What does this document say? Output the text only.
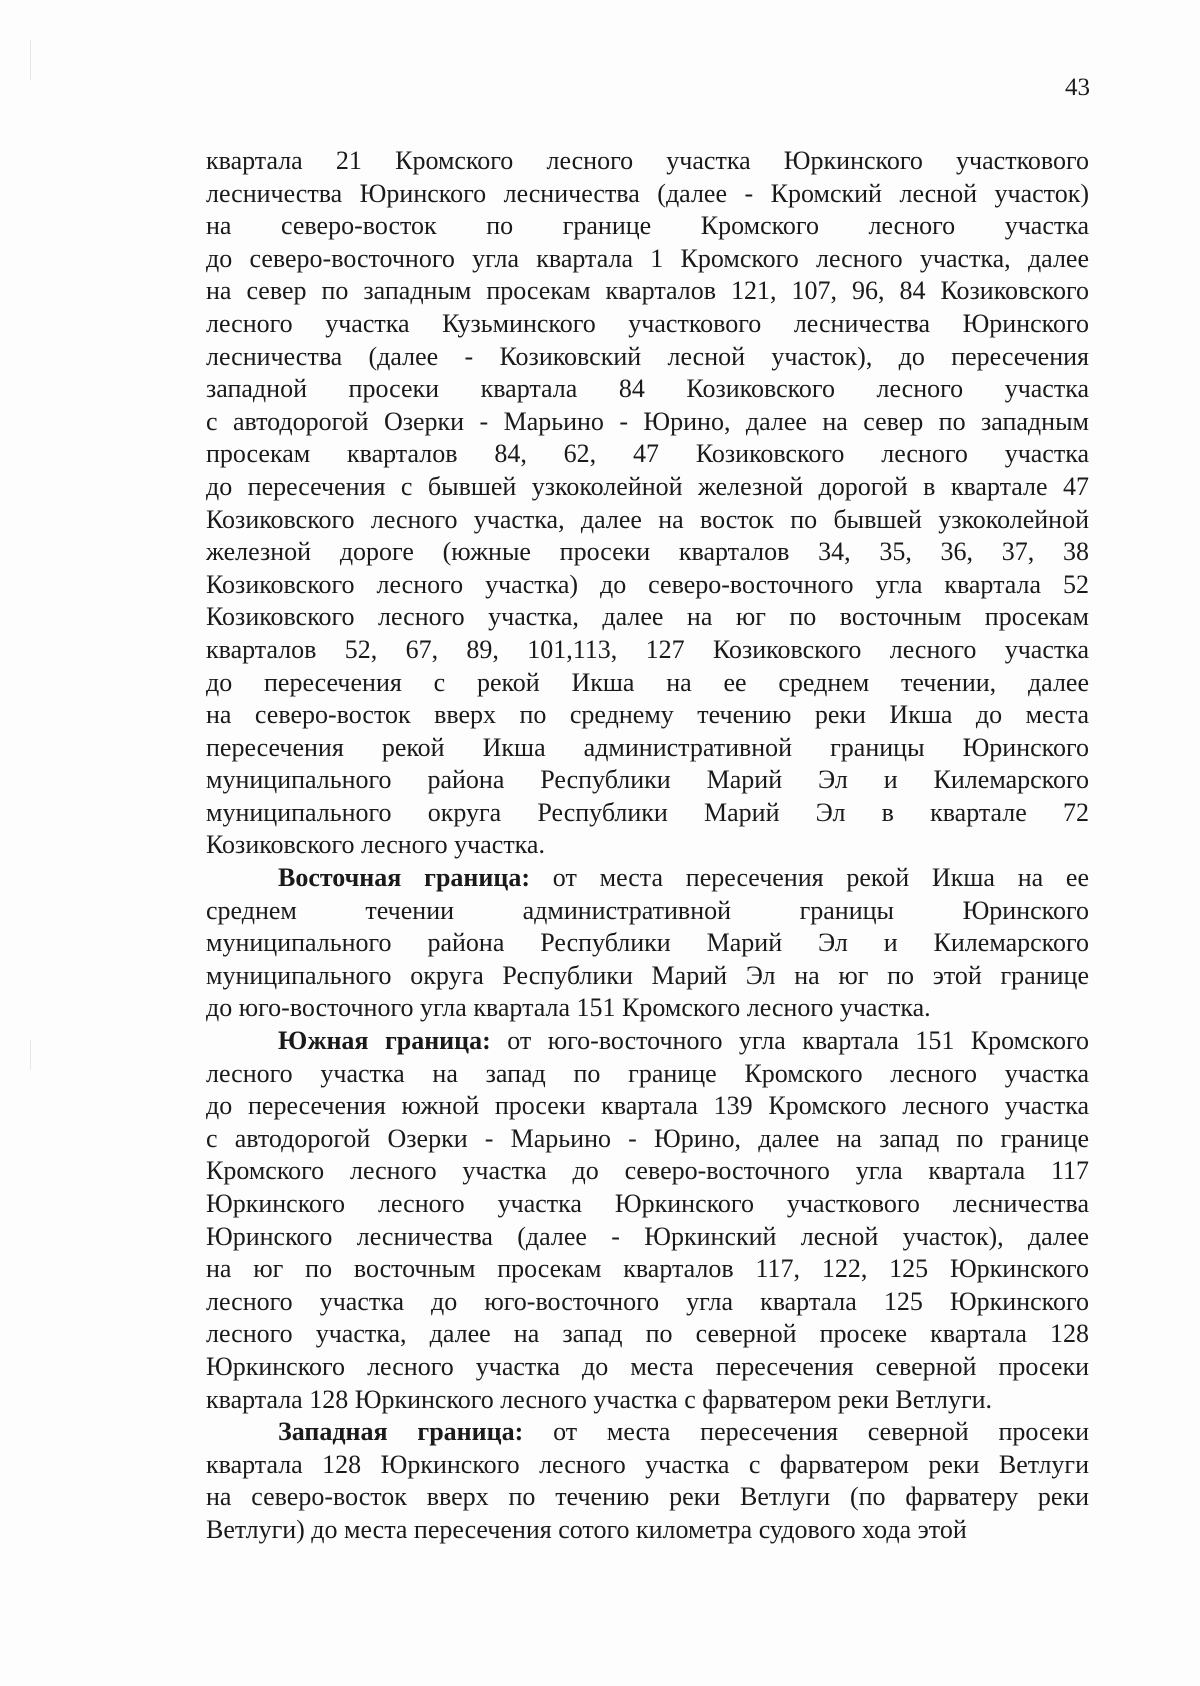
43
квартала 21 Кромского лесного участка Юркинского участкового
лесничества Юринского лесничества (далее - Кромский лесной участок)
на северо-восток по границе Кромского лесного участка
до северо-восточного угла квартала 1 Кромского лесного участка, далее
на север по западным просекам кварталов 121, 107, 96, 84 Козиковского
лесного участка Кузьминского участкового лесничества Юринского
лесничества (далее - Козиковский лесной участок), до пересечения
западной просеки квартала 84 Козиковского лесного участка
с автодорогой Озерки - Марьино - Юрино, далее на север по западным
просекам кварталов 84, 62, 47 Козиковского лесного участка
до пересечения с бывшей узкоколейной железной дорогой в квартале 47
Козиковского лесного участка, далее на восток по бывшей узкоколейной
железной дороге (южные просеки кварталов 34, 35, 36, 37, 38
Козиковского лесного участка) до северо-восточного угла квартала 52
Козиковского лесного участка, далее на юг по восточным просекам
кварталов 52, 67, 89, 101,113, 127 Козиковского лесного участка
до пересечения с рекой Икша на ее среднем течении, далее
на северо-восток вверх по среднему течению реки Икша до места
пересечения рекой Икша административной границы Юринского
муниципального района Республики Марий Эл и Килемарского
муниципального округа Республики Марий Эл в квартале 72
Козиковского лесного участка.
Восточная граница: от места пересечения рекой Икша на ее
среднем течении административной границы Юринского
муниципального района Республики Марий Эл и Килемарского
муниципального округа Республики Марий Эл на юг по этой границе
до юго-восточного угла квартала 151 Кромского лесного участка.
Южная граница: от юго-восточного угла квартала 151 Кромского
лесного участка на запад по границе Кромского лесного участка
до пересечения южной просеки квартала 139 Кромского лесного участка
с автодорогой Озерки - Марьино - Юрино, далее на запад по границе
Кромского лесного участка до северо-восточного угла квартала 117
Юркинского лесного участка Юркинского участкового лесничества
Юринского лесничества (далее - Юркинский лесной участок), далее
на юг по восточным просекам кварталов 117, 122, 125 Юркинского
лесного участка до юго-восточного угла квартала 125 Юркинского
лесного участка, далее на запад по северной просеке квартала 128
Юркинского лесного участка до места пересечения северной просеки
квартала 128 Юркинского лесного участка с фарватером реки Ветлуги.
Западная граница: от места пересечения северной просеки
квартала 128 Юркинского лесного участка с фарватером реки Ветлуги
на северо-восток вверх по течению реки Ветлуги (по фарватеру реки
Ветлуги) до места пересечения сотого километра судового хода этой
